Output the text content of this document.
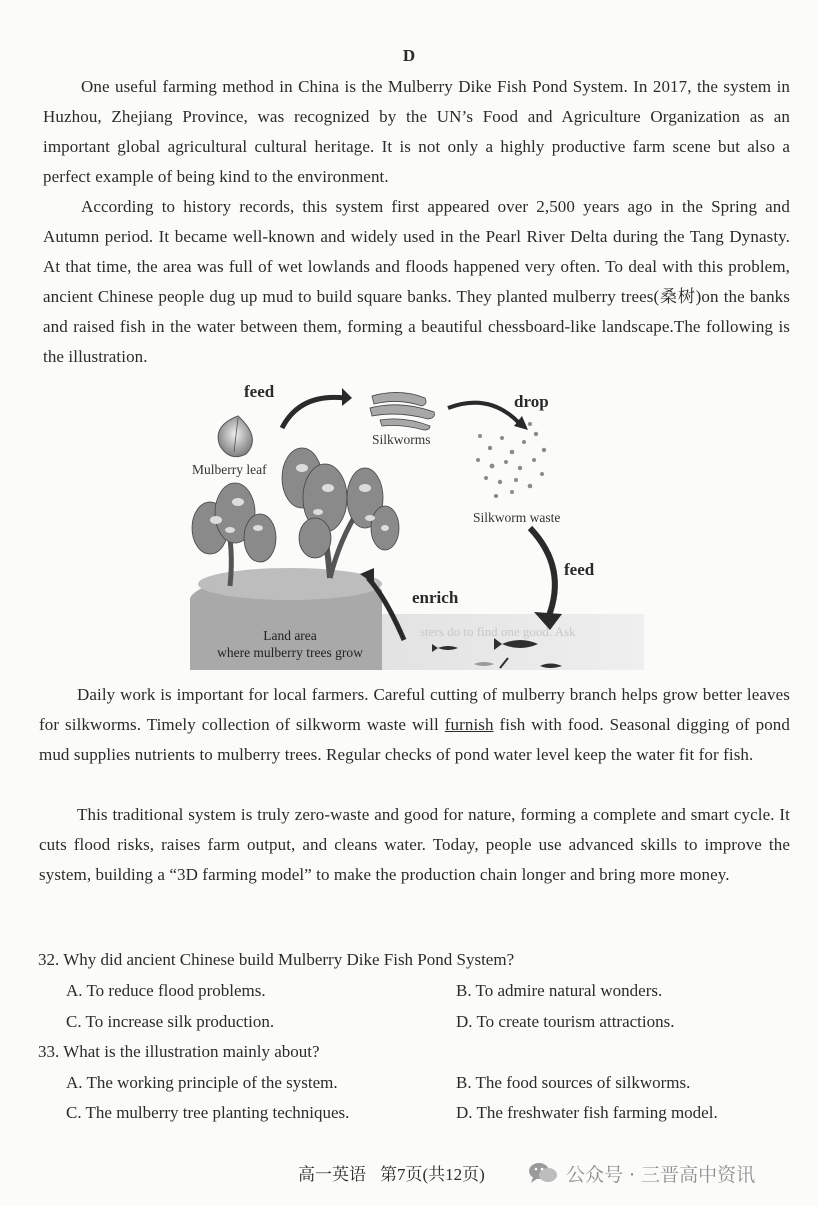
D

One useful farming method in China is the Mulberry Dike Fish Pond System. In 2017, the system in Huzhou, Zhejiang Province, was recognized by the UN’s Food and Agriculture Organization as an important global agricultural cultural heritage. It is not only a highly productive farm scene but also a perfect example of being kind to the environment.

According to history records, this system first appeared over 2,500 years ago in the Spring and Autumn period. It became well-known and widely used in the Pearl River Delta during the Tang Dynasty. At that time, the area was full of wet lowlands and floods happened very often. To deal with this problem, ancient Chinese people dug up mud to build square banks. They planted mulberry trees(桑树)on the banks and raised fish in the water between them, forming a beautiful chessboard-like landscape.The following is the illustration.

feed
Silkworms
drop
Mulberry leaf
Silkworm waste
feed
enrich
sters do to find one good. Ask
Land area
where mulberry trees grow

Daily work is important for local farmers. Careful cutting of mulberry branch helps grow better leaves for silkworms. Timely collection of silkworm waste will furnish fish with food. Seasonal digging of pond mud supplies nutrients to mulberry trees. Regular checks of pond water level keep the water fit for fish.

This traditional system is truly zero-waste and good for nature, forming a complete and smart cycle. It cuts flood risks, raises farm output, and cleans water. Today, people use advanced skills to improve the system, building a “3D farming model” to make the production chain longer and bring more money.

32. Why did ancient Chinese build Mulberry Dike Fish Pond System?
A. To reduce flood problems.	B. To admire natural wonders.
C. To increase silk production.	D. To create tourism attractions.
33. What is the illustration mainly about?
A. The working principle of the system.	B. The food sources of silkworms.
C. The mulberry tree planting techniques.	D. The freshwater fish farming model.
高一英语 第7页(共12页)	公众号 · 三晋高中资讯
